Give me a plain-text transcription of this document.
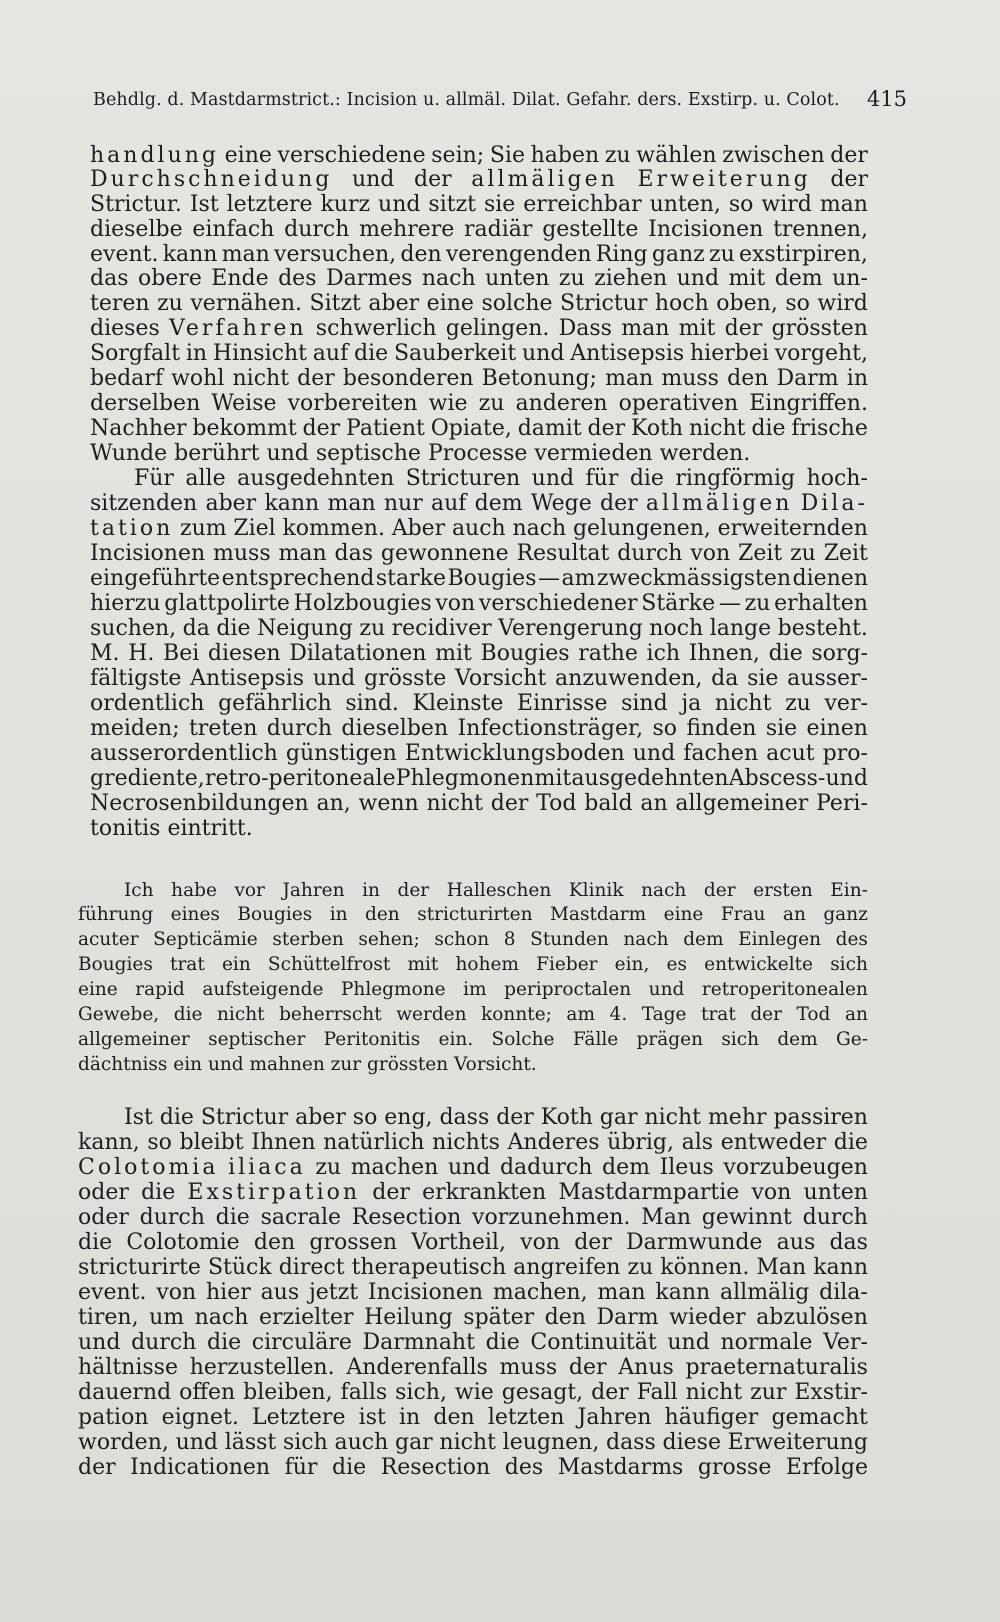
Behdlg. d. Mastdarmstrict.: Incision u. allmäl. Dilat. Gefahr. ders. Exstirp. u. Colot. 415
handlung eine verschiedene sein; Sie haben zu wählen zwischen der
Durchschneidung und der allmäligen Erweiterung der
Strictur. Ist letztere kurz und sitzt sie erreichbar unten, so wird man
dieselbe einfach durch mehrere radiär gestellte Incisionen trennen,
event. kann man versuchen, den verengenden Ring ganz zu exstirpiren,
das obere Ende des Darmes nach unten zu ziehen und mit dem un-
teren zu vernähen. Sitzt aber eine solche Strictur hoch oben, so wird
dieses Verfahren schwerlich gelingen. Dass man mit der grössten
Sorgfalt in Hinsicht auf die Sauberkeit und Antisepsis hierbei vorgeht,
bedarf wohl nicht der besonderen Betonung; man muss den Darm in
derselben Weise vorbereiten wie zu anderen operativen Eingriffen.
Nachher bekommt der Patient Opiate, damit der Koth nicht die frische
Wunde berührt und septische Processe vermieden werden.
Für alle ausgedehnten Stricturen und für die ringförmig hoch-
sitzenden aber kann man nur auf dem Wege der allmäligen Dila-
tation zum Ziel kommen. Aber auch nach gelungenen, erweiternden
Incisionen muss man das gewonnene Resultat durch von Zeit zu Zeit
eingeführte entsprechend starke Bougies — am zweckmässigsten dienen
hierzu glattpolirte Holzbougies von verschiedener Stärke — zu erhalten
suchen, da die Neigung zu recidiver Verengerung noch lange besteht.
M. H. Bei diesen Dilatationen mit Bougies rathe ich Ihnen, die sorg-
fältigste Antisepsis und grösste Vorsicht anzuwenden, da sie ausser-
ordentlich gefährlich sind. Kleinste Einrisse sind ja nicht zu ver-
meiden; treten durch dieselben Infectionsträger, so finden sie einen
ausserordentlich günstigen Entwicklungsboden und fachen acut pro-
grediente, retro-peritoneale Phlegmonen mit ausgedehnten Abscess- und
Necrosenbildungen an, wenn nicht der Tod bald an allgemeiner Peri-
tonitis eintritt.
Ich habe vor Jahren in der Halleschen Klinik nach der ersten Ein-
führung eines Bougies in den stricturirten Mastdarm eine Frau an ganz
acuter Septicämie sterben sehen; schon 8 Stunden nach dem Einlegen des
Bougies trat ein Schüttelfrost mit hohem Fieber ein, es entwickelte sich
eine rapid aufsteigende Phlegmone im periproctalen und retroperitonealen
Gewebe, die nicht beherrscht werden konnte; am 4. Tage trat der Tod an
allgemeiner septischer Peritonitis ein. Solche Fälle prägen sich dem Ge-
dächtniss ein und mahnen zur grössten Vorsicht.
Ist die Strictur aber so eng, dass der Koth gar nicht mehr passiren
kann, so bleibt Ihnen natürlich nichts Anderes übrig, als entweder die
Colotomia iliaca zu machen und dadurch dem Ileus vorzubeugen
oder die Exstirpation der erkrankten Mastdarmpartie von unten
oder durch die sacrale Resection vorzunehmen. Man gewinnt durch
die Colotomie den grossen Vortheil, von der Darmwunde aus das
stricturirte Stück direct therapeutisch angreifen zu können. Man kann
event. von hier aus jetzt Incisionen machen, man kann allmälig dila-
tiren, um nach erzielter Heilung später den Darm wieder abzulösen
und durch die circuläre Darmnaht die Continuität und normale Ver-
hältnisse herzustellen. Anderenfalls muss der Anus praeternaturalis
dauernd offen bleiben, falls sich, wie gesagt, der Fall nicht zur Exstir-
pation eignet. Letztere ist in den letzten Jahren häufiger gemacht
worden, und lässt sich auch gar nicht leugnen, dass diese Erweiterung
der Indicationen für die Resection des Mastdarms grosse Erfolge
